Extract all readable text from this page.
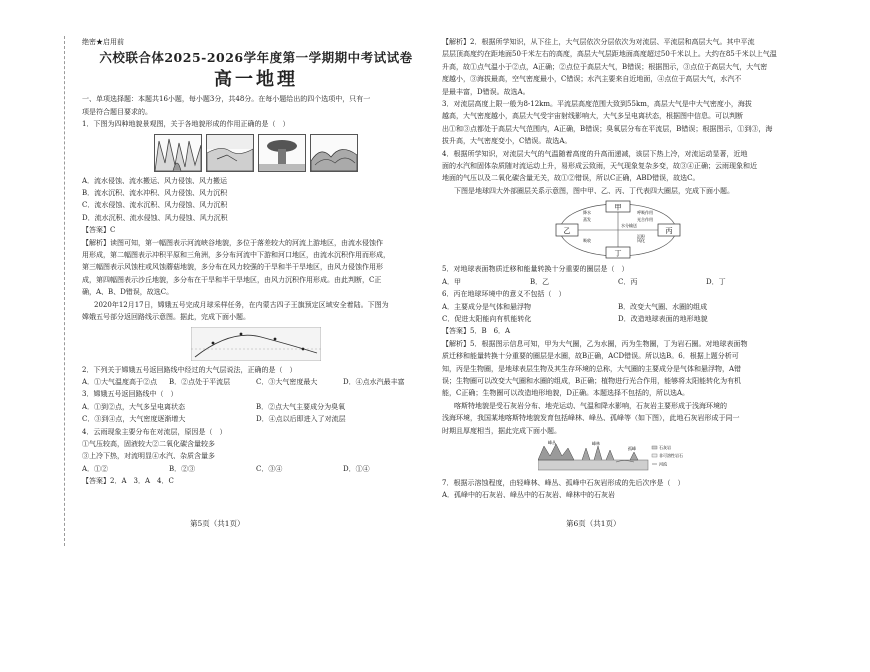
绝密★启用前

六校联合体2025-2026学年度第一学期期中考试试卷

高一地理

一、单项选择题：本题共16小题，每小题3分，共48分。在每小题给出的四个选项中，只有一

项是符合题目要求的。

1．下图为四种地貌景观图，关于各地貌形成的作用正确的是（　）

A．流水侵蚀、流水搬运、风力侵蚀、风力搬运

B．流水沉积、流水冲积、风力侵蚀、风力沉积

C．流水侵蚀、流水沉积、风力侵蚀、风力沉积

D．流水沉积、流水侵蚀、风力侵蚀、风力沉积

【答案】C

【解析】读图可知，第一幅图表示河流峡谷地貌，多位于落差较大的河流上游地区，由流水侵蚀作

用形成，第二幅图表示冲积平原和三角洲，多分布河流中下游和河口地区，由流水沉积作用而形成，

第三幅图表示风蚀柱或风蚀蘑菇地貌，多分布在风力较强的干旱和半干旱地区，由风力侵蚀作用形

成，第四幅图表示沙丘地貌，多分布在干旱和半干旱地区，由风力沉积作用形成。由此判断，C正

确，A、B、D错误，故选C。

2020年12月17日，嫦娥五号完成月球采样任务，在内蒙古四子王旗预定区域安全着陆。下图为

嫦娥五号部分返回路线示意图。据此，完成下面小题。

2．下列关于嫦娥五号返回路线中经过的大气层说法，正确的是（　）

A．①大气温度高于②点	B．②点处于平流层	C．③大气密度最大	D．④点水汽最丰富

3．嫦娥五号返回路线中（　）

A．①到②点，大气多呈电离状态	B．②点大气主要成分为臭氧

C．③到④点，大气密度逐渐增大	D．④点以后即进入了对流层

4．云雨现象主要分布在对流层，原因是（　）

①气压较高，固液较大②二氧化碳含量较多

③上冷下热，对流明显④水汽、杂质含量多

A．①②	B．②③	C．③④	D．①④

【答案】2．A　3．A　4．C

【解析】2．根据所学知识，从下往上，大气层依次分层依次为对流层、平流层和高层大气。其中平流

层层顶高度约在距地面50千米左右的高度，高层大气层距地面高度超过50千米以上。大约在85千米以上气温

升高，故①点气温小于②点，A正确；②点位于高层大气，B错误；根据图示，③点位于高层大气，大气密

度越小，③海拔最高，空气密度最小，C错误；水汽主要来自近地面，④点位于高层大气，水汽不

是最丰富，D错误。故选A。

3．对流层高度上限一般为8-12km。平流层高度范围大致到55km，高层大气是中大气密度小，海拔

越高，大气密度越小，高层大气受宇宙射线影响大，大气多呈电离状态，根据图中信息。可以判断

出①和③点都处于高层大气范围内，A正确，B错误；臭氧层分布在平流层，B错误；根据图示，①到③，海

拔升高，大气密度变小，C错误。故选A。

4．根据所学知识，对流层大气的气温随着高度的升高而递减，该层下热上冷，对流运动显著，近地

面的水汽和固体杂质随对流运动上升，易形成云致雨，天气现象复杂多变，故③④正确；云雨现象和近

地面的气压以及二氧化碳含量无关，故①②错误，所以C正确，ABD错误，故选C。

下图是地球四大外部圈层关系示意图，图中甲、乙、丙、丁代表四大圈层，完成下面小题。

甲
乙	丙
丁
降水
蒸发
呼吸作用
光合作用
水分输送
吸收	风化
沉积

5．对地球表面物质迁移和能量转换十分重要的圈层是（　）

A．甲	B．乙	C．丙	D．丁

6．丙在地球环境中的意义不包括（　）

A．主要成分是气体和悬浮物	B．改变大气圈、水圈的组成

C．促进太阳能向有机能转化	D．改造地球表面的地形地貌

【答案】5．B　6．A

【解析】5．根据图示信息可知，甲为大气圈，乙为水圈，丙为生物圈，丁为岩石圈。对地球表面物

质迁移和能量转换十分重要的圈层是水圈，故B正确，ACD错误。所以选B。6．根据上题分析可

知，丙是生物圈，是地球表层生物及其生存环境的总称，大气圈的主要成分是气体和悬浮物，A错

误；生物圈可以改变大气圈和水圈的组成，B正确；植物进行光合作用，能够将太阳能转化为有机

能，C正确；生物圈可以改造地形地貌，D正确。本题选择不包括的，所以选A。

喀斯特地貌是受石灰岩分布、地壳运动、气温和降水影响，石灰岩主要形成于浅海环境的

浅海环境，我国某地喀斯特地貌发育包括峰林、峰丛、孤峰等（如下图），此地石灰岩形成于同一

时期且厚度相当，据此完成下面小题。

峰丛	峰林
孤峰	石灰岩
非可溶性岩石
河流

7．根据示溶蚀程度，由轻峰林、峰丛、孤峰中石灰岩形成的先后次序是（　）

A．孤峰中的石灰岩、峰丛中的石灰岩、峰林中的石灰岩

第5页（共1页）	第6页（共1页）
